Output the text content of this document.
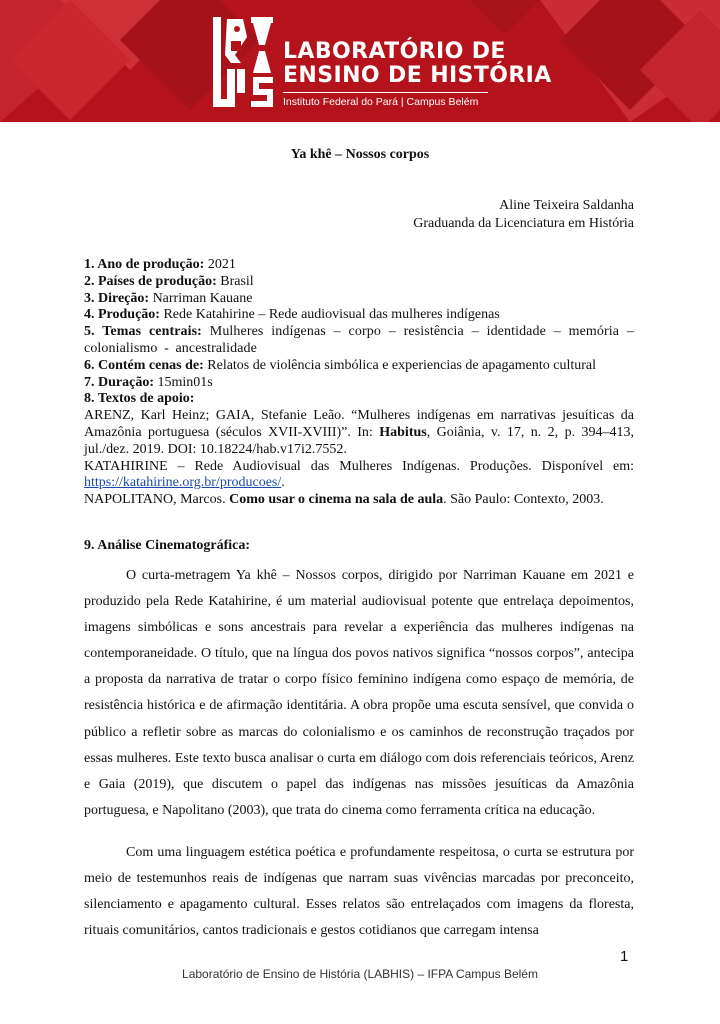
LABORATÓRIO DE
ENSINO DE HISTÓRIA
Instituto Federal do Pará | Campus Belém
Ya khê – Nossos corpos
Aline Teixeira Saldanha
Graduanda da Licenciatura em História

1. Ano de produção: 2021

2. Países de produção: Brasil

3. Direção: Narriman Kauane

4. Produção: Rede Katahirine – Rede audiovisual das mulheres indígenas

5. Temas centrais: Mulheres indígenas – corpo – resistência – identidade – memória – colonialismo - ancestralidade

6. Contém cenas de: Relatos de violência simbólica e experiencias de apagamento cultural

7. Duração: 15min01s

8. Textos de apoio:

ARENZ, Karl Heinz; GAIA, Stefanie Leão. “Mulheres indígenas em narrativas jesuíticas da Amazônia portuguesa (séculos XVII-XVIII)”. In: Habitus, Goiânia, v. 17, n. 2, p. 394–413, jul./dez. 2019. DOI: 10.18224/hab.v17i2.7552.

KATAHIRINE – Rede Audiovisual das Mulheres Indígenas. Produções. Disponível em: https://katahirine.org.br/producoes/.

NAPOLITANO, Marcos. Como usar o cinema na sala de aula. São Paulo: Contexto, 2003.

9. Análise Cinematográfica:

O curta-metragem Ya khê – Nossos corpos, dirigido por Narriman Kauane em 2021 e produzido pela Rede Katahirine, é um material audiovisual potente que entrelaça depoimentos, imagens simbólicas e sons ancestrais para revelar a experiência das mulheres indígenas na contemporaneidade. O título, que na língua dos povos nativos significa “nossos corpos”, antecipa a proposta da narrativa de tratar o corpo físico feminino indígena como espaço de memória, de resistência histórica e de afirmação identitária. A obra propõe uma escuta sensível, que convida o público a refletir sobre as marcas do colonialismo e os caminhos de reconstrução traçados por essas mulheres. Este texto busca analisar o curta em diálogo com dois referenciais teóricos, Arenz e Gaia (2019), que discutem o papel das indígenas nas missões jesuíticas da Amazônia portuguesa, e Napolitano (2003), que trata do cinema como ferramenta crítica na educação.

Com uma linguagem estética poética e profundamente respeitosa, o curta se estrutura por meio de testemunhos reais de indígenas que narram suas vivências marcadas por preconceito, silenciamento e apagamento cultural. Esses relatos são entrelaçados com imagens da floresta, rituais comunitários, cantos tradicionais e gestos cotidianos que carregam intensa

1
Laboratório de Ensino de História (LABHIS) – IFPA Campus Belém
